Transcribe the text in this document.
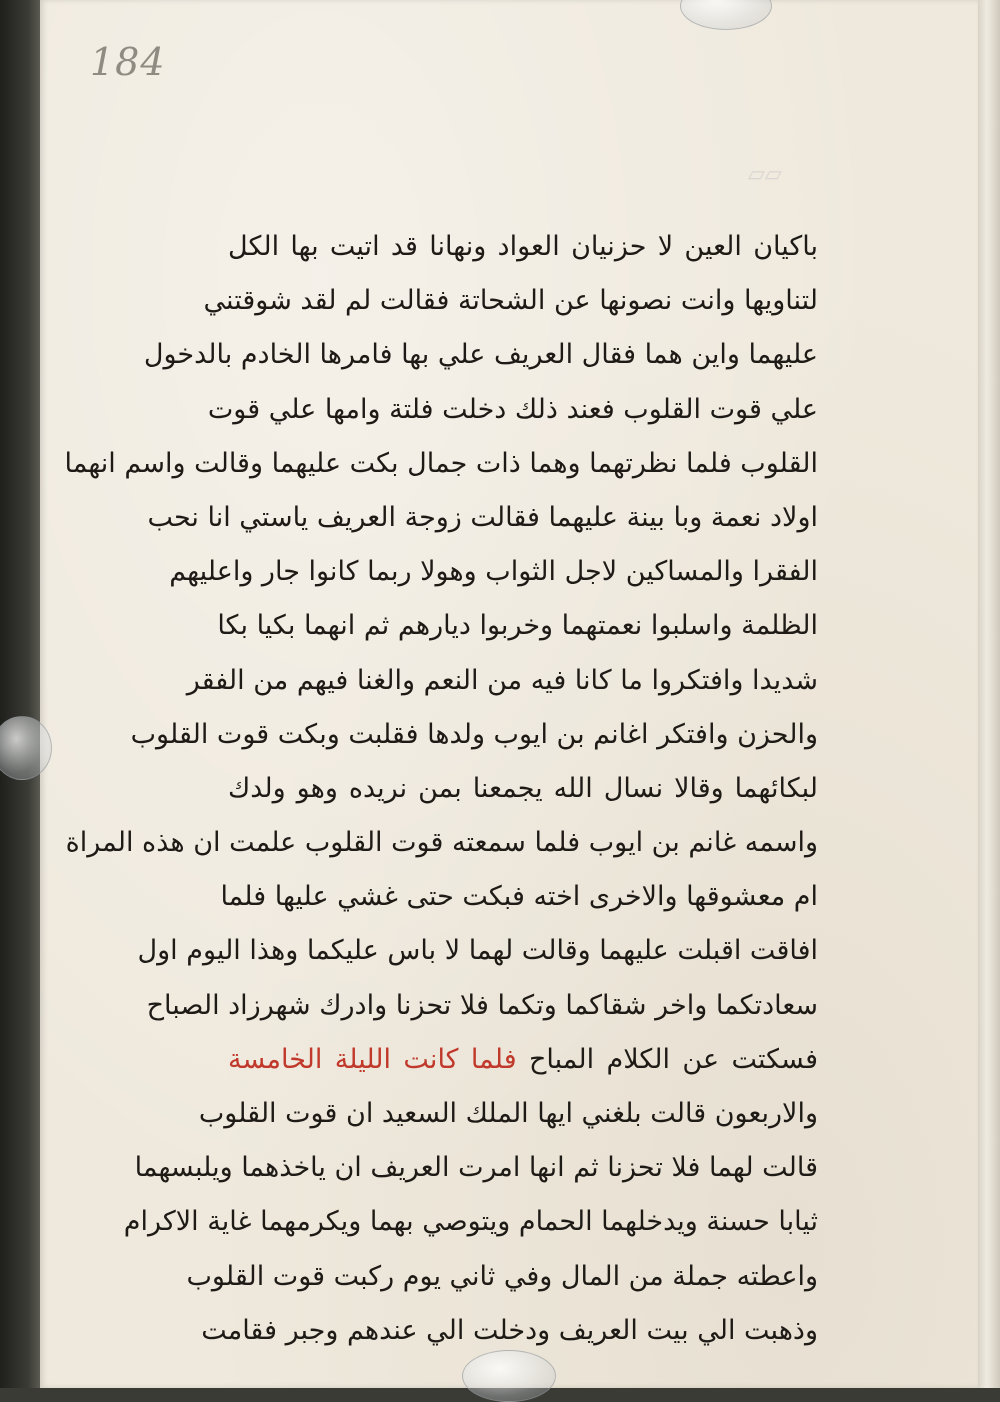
▱▱
184
باكيان العين لا حزنيان العواد ونهانا قد اتيت بها الكل
لتناويها وانت نصونها عن الشحاتة فقالت لم لقد شوقتني
عليهما واين هما فقال العريف علي بها فامرها الخادم بالدخول
علي قوت القلوب فعند ذلك دخلت فلتة وامها علي قوت
القلوب فلما نظرتهما وهما ذات جمال بكت عليهما وقالت واسم انهما
اولاد نعمة وبا بينة عليهما فقالت زوجة العريف ياستي انا نحب
الفقرا والمساكين لاجل الثواب وهولا ربما كانوا جار واعليهم
الظلمة واسلبوا نعمتهما وخربوا ديارهم ثم انهما بكيا بكا
شديدا وافتكروا ما كانا فيه من النعم والغنا فيهم من الفقر
والحزن وافتكر اغانم بن ايوب ولدها فقلبت وبكت قوت القلوب
لبكائهما وقالا نسال الله يجمعنا بمن نريده وهو ولدك
واسمه غانم بن ايوب فلما سمعته قوت القلوب علمت ان هذه المراة
ام معشوقها والاخرى اخته فبكت حتى غشي عليها فلما
افاقت اقبلت عليهما وقالت لهما لا باس عليكما وهذا اليوم اول
سعادتكما واخر شقاكما وتكما فلا تحزنا وادرك شهرزاد الصباح
فسكتت عن الكلام المباح فلما كانت الليلة الخامسة
والاربعون قالت بلغني ايها الملك السعيد ان قوت القلوب
قالت لهما فلا تحزنا ثم انها امرت العريف ان ياخذهما ويلبسهما
ثيابا حسنة ويدخلهما الحمام ويتوصي بهما ويكرمهما غاية الاكرام
واعطته جملة من المال وفي ثاني يوم ركبت قوت القلوب
وذهبت الي بيت العريف ودخلت الي عندهم وجبر فقامت
